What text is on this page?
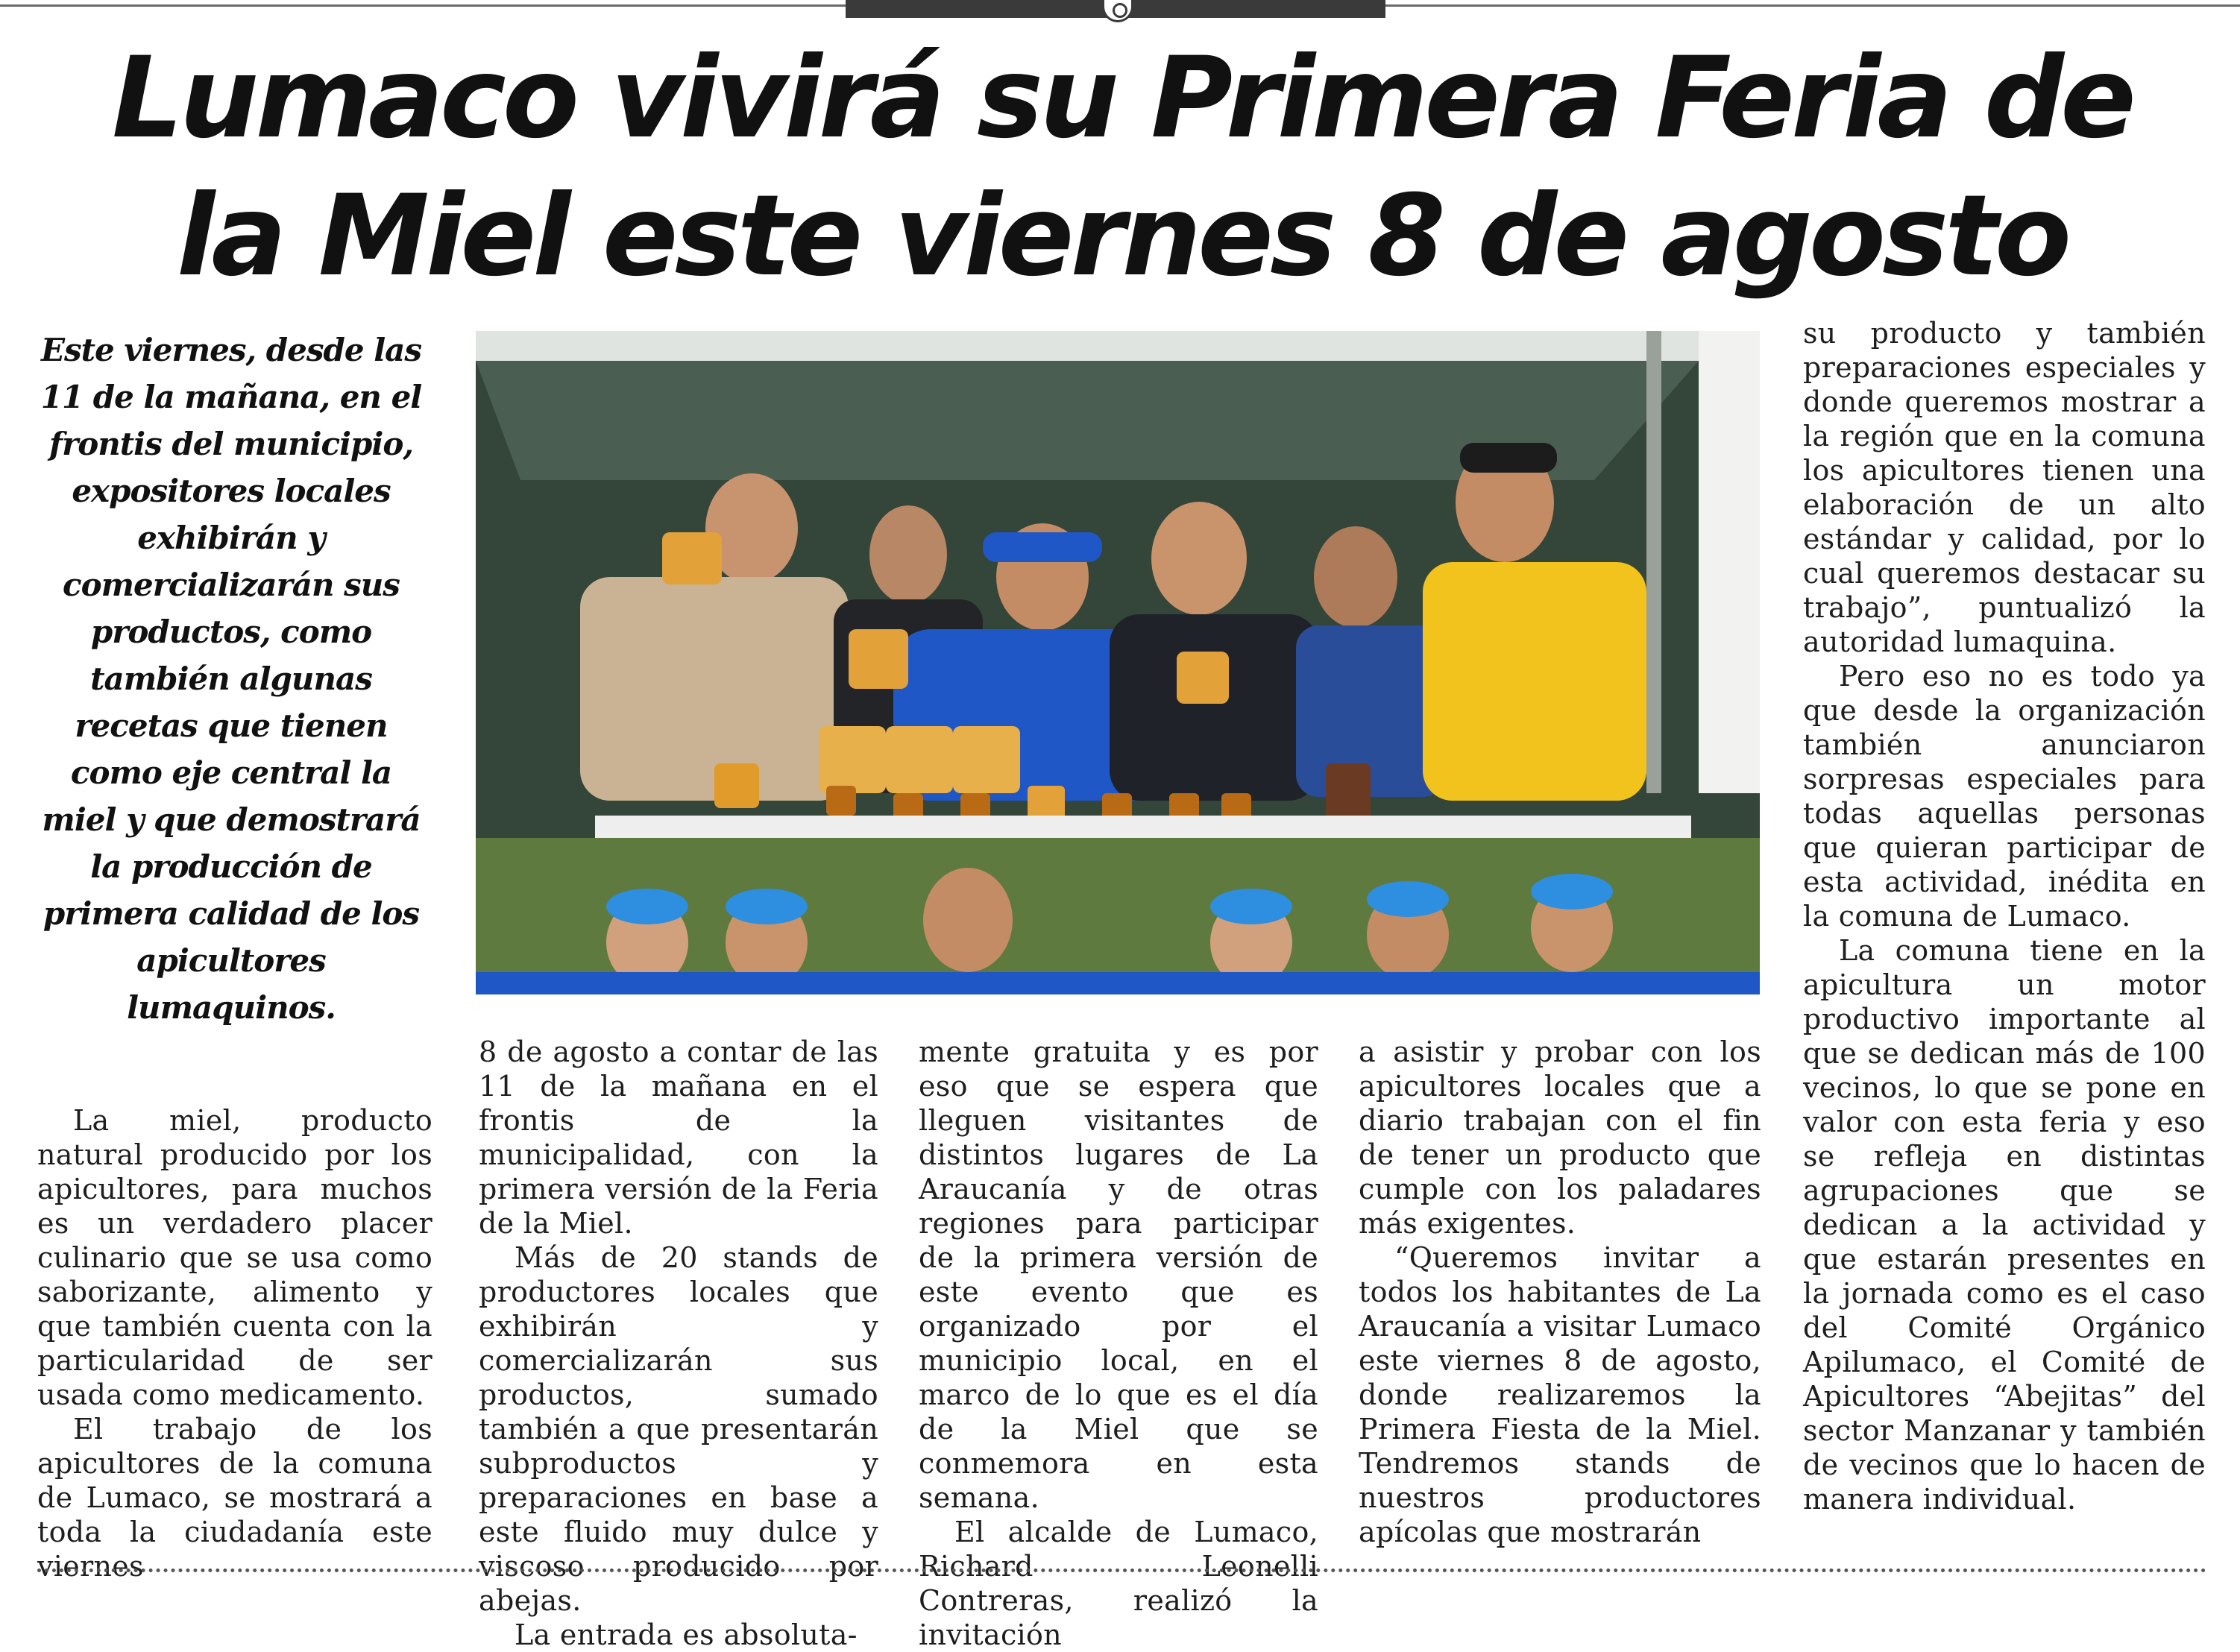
Lumaco vivirá su Primera Feria de la Miel este viernes 8 de agosto
Este viernes, desde las 11 de la mañana, en el frontis del municipio, expositores locales exhibirán y comercializarán sus productos, como también algunas recetas que tienen como eje central la miel y que demostrará la producción de primera calidad de los apicultores lumaquinos.

La miel, producto natural producido por los apicultores, para muchos es un verdadero placer culinario que se usa como saborizante, alimento y que también cuenta con la particularidad de ser usada como medicamento.

El trabajo de los apicultores de la comuna de Lumaco, se mostrará a toda la ciudadanía este viernes

8 de agosto a contar de las 11 de la mañana en el frontis de la municipalidad, con la primera versión de la Feria de la Miel.

Más de 20 stands de productores locales que exhibirán y comercializarán sus productos, sumado también a que presentarán subproductos y preparaciones en base a este fluido muy dulce y viscoso producido por abejas.

La entrada es absoluta-

mente gratuita y es por eso que se espera que lleguen visitantes de distintos lugares de La Araucanía y de otras regiones para participar de la primera versión de este evento que es organizado por el municipio local, en el marco de lo que es el día de la Miel que se conmemora en esta semana.

El alcalde de Lumaco, Richard Leonelli Contreras, realizó la invitación

a asistir y probar con los apicultores locales que a diario trabajan con el fin de tener un producto que cumple con los paladares más exigentes.

“Queremos invitar a todos los habitantes de La Araucanía a visitar Lumaco este viernes 8 de agosto, donde realizaremos la Primera Fiesta de la Miel. Tendremos stands de nuestros productores apícolas que mostrarán

su producto y también preparaciones especiales y donde queremos mostrar a la región que en la comuna los apicultores tienen una elaboración de un alto estándar y calidad, por lo cual queremos destacar su trabajo”, puntualizó la autoridad lumaquina.

Pero eso no es todo ya que desde la organización también anunciaron sorpresas especiales para todas aquellas personas que quieran participar de esta actividad, inédita en la comuna de Lumaco.

La comuna tiene en la apicultura un motor productivo importante al que se dedican más de 100 vecinos, lo que se pone en valor con esta feria y eso se refleja en distintas agrupaciones que se dedican a la actividad y que estarán presentes en la jornada como es el caso del Comité Orgánico Apilumaco, el Comité de Apicultores “Abejitas” del sector Manzanar y también de vecinos que lo hacen de manera individual.
